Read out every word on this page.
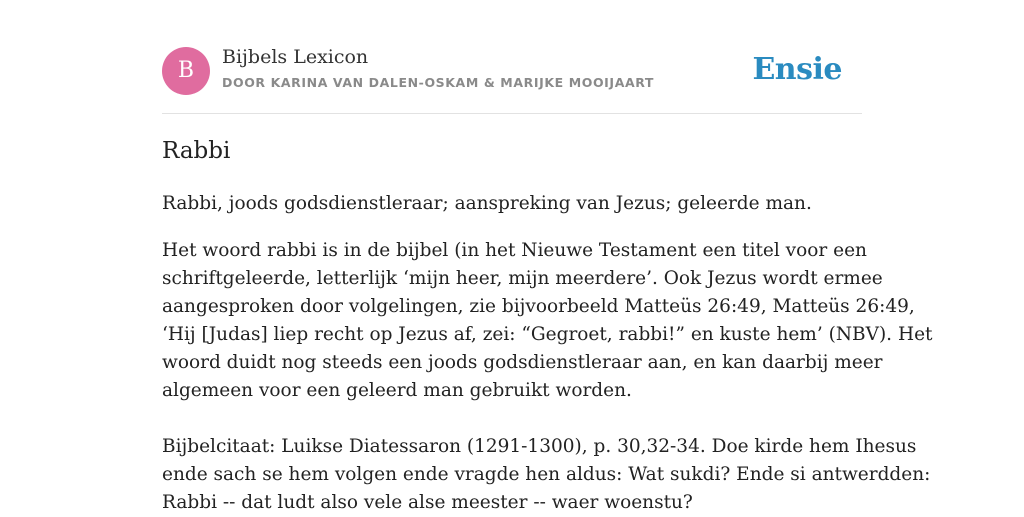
B
Bijbels Lexicon
DOOR KARINA VAN DALEN-OSKAM & MARIJKE MOOIJAART	Ensie
Rabbi
Rabbi, joods godsdienstleraar; aanspreking van Jezus; geleerde man.
Het woord rabbi is in de bijbel (in het Nieuwe Testament een titel voor een
schriftgeleerde, letterlijk ‘mijn heer, mijn meerdere’. Ook Jezus wordt ermee
aangesproken door volgelingen, zie bijvoorbeeld Matteüs 26:49, Matteüs 26:49,
‘Hij [Judas] liep recht op Jezus af, zei: “Gegroet, rabbi!” en kuste hem’ (NBV). Het
woord duidt nog steeds een joods godsdienstleraar aan, en kan daarbij meer
algemeen voor een geleerd man gebruikt worden.
Bijbelcitaat: Luikse Diatessaron (1291-1300), p. 30,32-34. Doe kirde hem Ihesus
ende sach se hem volgen ende vragde hen aldus: Wat sukdi? Ende si antwerdden:
Rabbi -- dat ludt also vele alse meester -- waer woenstu?
